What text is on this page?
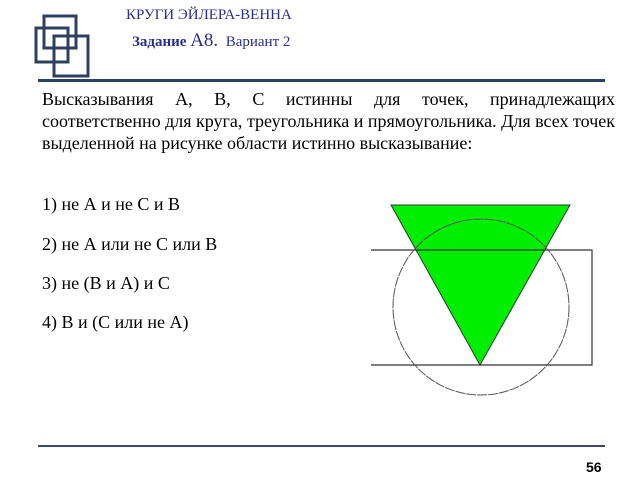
КРУГИ ЭЙЛЕРА-ВЕННА
Задание A8. Вариант 2
Высказывания А, В, С истинны для точек, принадлежащих соответственно для круга, треугольника и прямоугольника. Для всех точек выделенной на рисунке области истинно высказывание:
1) не А и не С и В
2) не А или не С или В
3) не (В и А) и С
4) В и (С или не А)
56
